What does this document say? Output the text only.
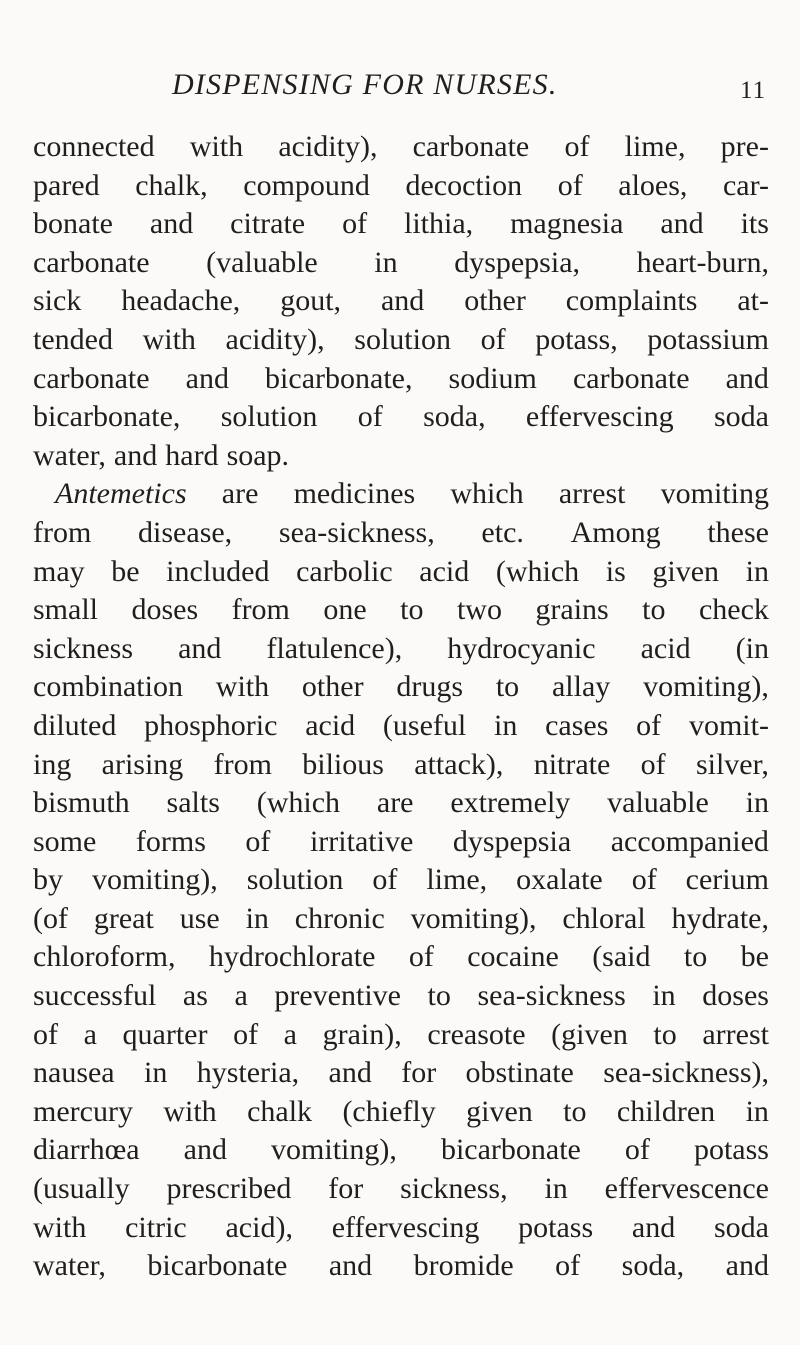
DISPENSING FOR NURSES.	11
connected with acidity), carbonate of lime, pre-
pared chalk, compound decoction of aloes, car-
bonate and citrate of lithia, magnesia and its
carbonate (valuable in dyspepsia, heart-burn,
sick headache, gout, and other complaints at-
tended with acidity), solution of potass, potassium
carbonate and bicarbonate, sodium carbonate and
bicarbonate, solution of soda, effervescing soda
water, and hard soap.
Antemetics are medicines which arrest vomiting
from disease, sea-sickness, etc. Among these
may be included carbolic acid (which is given in
small doses from one to two grains to check
sickness and flatulence), hydrocyanic acid (in
combination with other drugs to allay vomiting),
diluted phosphoric acid (useful in cases of vomit-
ing arising from bilious attack), nitrate of silver,
bismuth salts (which are extremely valuable in
some forms of irritative dyspepsia accompanied
by vomiting), solution of lime, oxalate of cerium
(of great use in chronic vomiting), chloral hydrate,
chloroform, hydrochlorate of cocaine (said to be
successful as a preventive to sea-sickness in doses
of a quarter of a grain), creasote (given to arrest
nausea in hysteria, and for obstinate sea-sickness),
mercury with chalk (chiefly given to children in
diarrhœa and vomiting), bicarbonate of potass
(usually prescribed for sickness, in effervescence
with citric acid), effervescing potass and soda
water, bicarbonate and bromide of soda, and
